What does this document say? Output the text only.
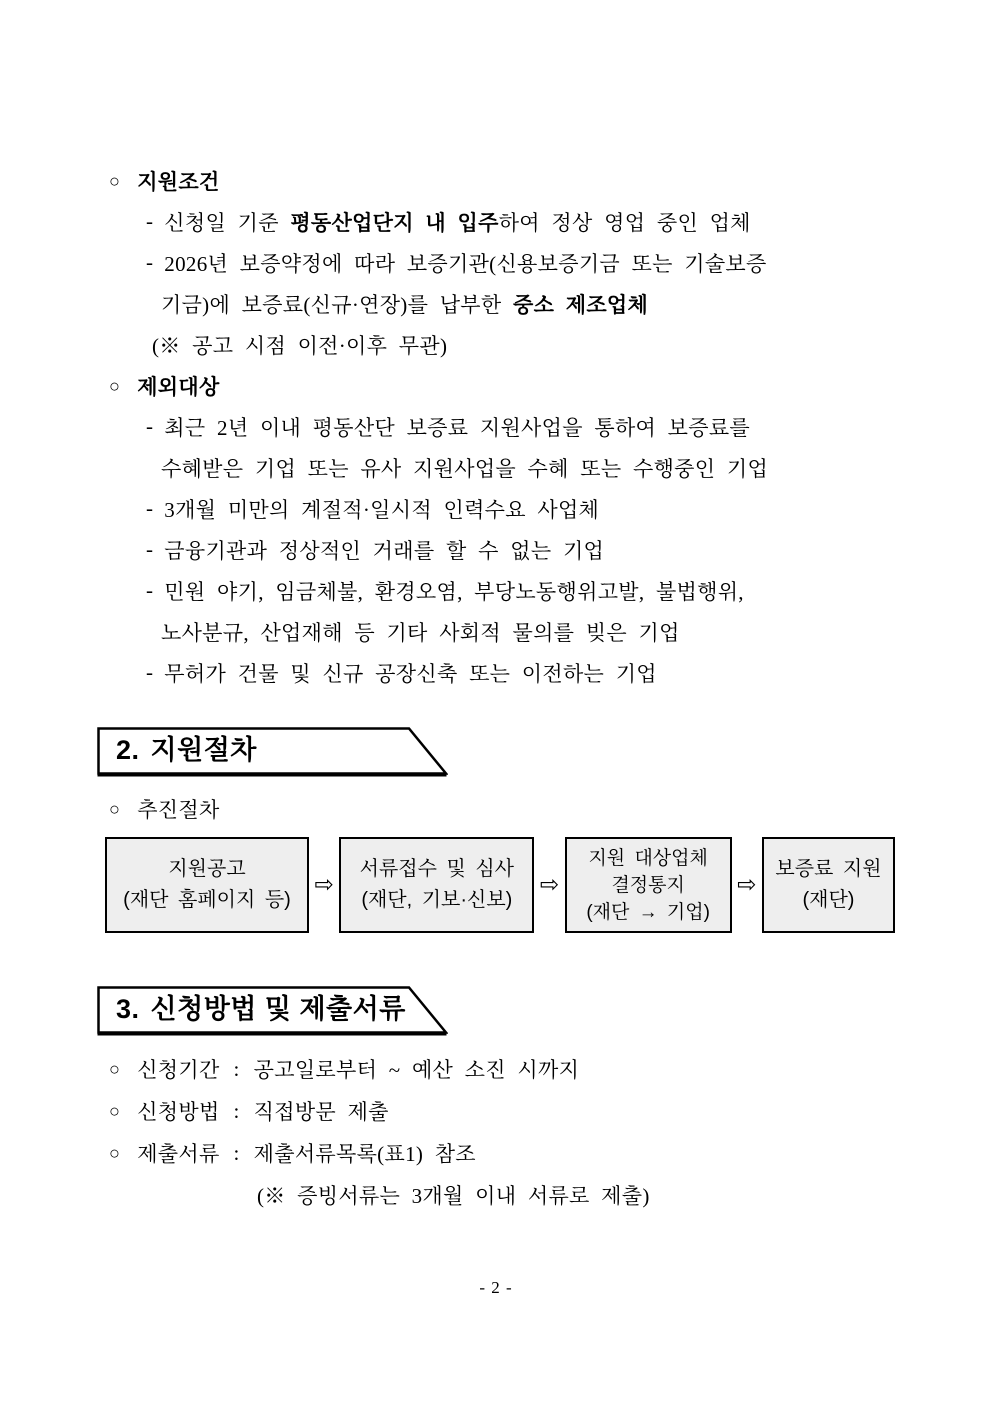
○ 지원조건
- 신청일 기준 평동산업단지 내 입주하여 정상 영업 중인 업체
- 2026년 보증약정에 따라 보증기관(신용보증기금 또는 기술보증
기금)에 보증료(신규·연장)를 납부한 중소 제조업체
(※ 공고 시점 이전·이후 무관)
○ 제외대상
- 최근 2년 이내 평동산단 보증료 지원사업을 통하여 보증료를
수혜받은 기업 또는 유사 지원사업을 수혜 또는 수행중인 기업
- 3개월 미만의 계절적·일시적 인력수요 사업체
- 금융기관과 정상적인 거래를 할 수 없는 기업
- 민원 야기, 임금체불, 환경오염, 부당노동행위고발, 불법행위,
노사분규, 산업재해 등 기타 사회적 물의를 빚은 기업
- 무허가 건물 및 신규 공장신축 또는 이전하는 기업
2. 지원절차
○ 추진절차
지원공고
(재단 홈페이지 등)
⇨
서류접수 및 심사
(재단, 기보·신보)
⇨
지원 대상업체
결정통지
(재단 → 기업)
⇨
보증료 지원
(재단)
3. 신청방법 및 제출서류
○ 신청기간 : 공고일로부터 ~ 예산 소진 시까지
○ 신청방법 : 직접방문 제출
○ 제출서류 : 제출서류목록(표1) 참조
(※ 증빙서류는 3개월 이내 서류로 제출)
- 2 -
